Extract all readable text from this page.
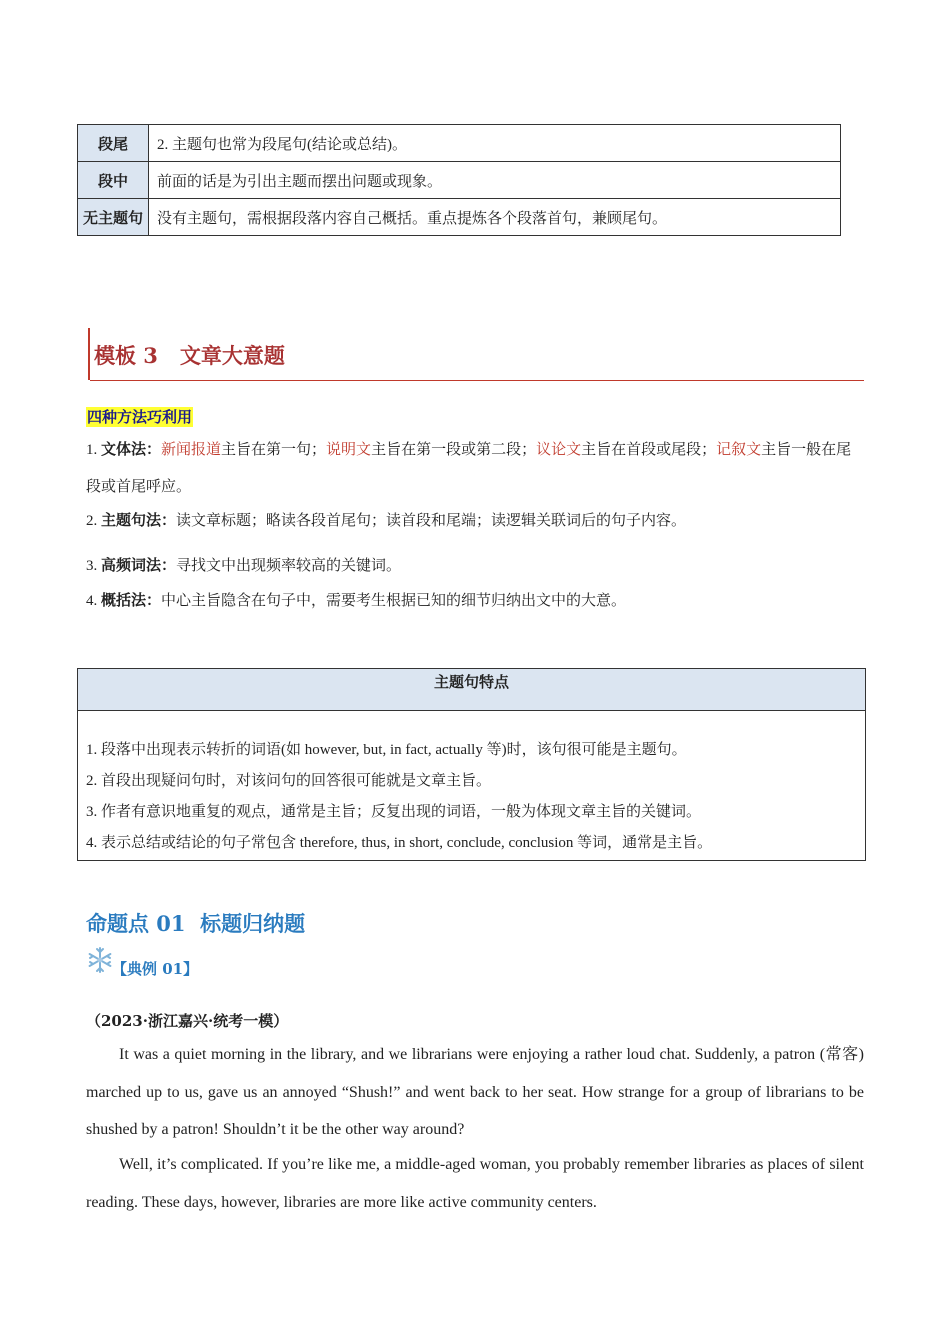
段尾	2. 主题句也常为段尾句(结论或总结)。
段中	前面的话是为引出主题而摆出问题或现象。
无主题句	没有主题句，需根据段落内容自己概括。重点提炼各个段落首句，兼顾尾句。
模板 3   文章大意题
四种方法巧利用
1. 文体法：新闻报道主旨在第一句；说明文主旨在第一段或第二段；议论文主旨在首段或尾段；记叙文主旨一般在尾段或首尾呼应。
2. 主题句法：读文章标题；略读各段首尾句；读首段和尾端；读逻辑关联词后的句子内容。
3. 高频词法：寻找文中出现频率较高的关键词。
4. 概括法：中心主旨隐含在句子中，需要考生根据已知的细节归纳出文中的大意。
主题句特点
1. 段落中出现表示转折的词语(如 however, but, in fact, actually 等)时，该句很可能是主题句。
2. 首段出现疑问句时，对该问句的回答很可能就是文章主旨。
3. 作者有意识地重复的观点，通常是主旨；反复出现的词语，一般为体现文章主旨的关键词。
4. 表示总结或结论的句子常包含 therefore, thus, in short, conclude, conclusion 等词，通常是主旨。
命题点 01  标题归纳题
【典例 01】
（2023·浙江嘉兴·统考一模）
It was a quiet morning in the library, and we librarians were enjoying a rather loud chat. Suddenly, a patron (常客) marched up to us, gave us an annoyed “Shush!” and went back to her seat. How strange for a group of librarians to be shushed by a patron! Shouldn’t it be the other way around?
Well, it’s complicated. If you’re like me, a middle-aged woman, you probably remember libraries as places of silent reading. These days, however, libraries are more like active community centers.
